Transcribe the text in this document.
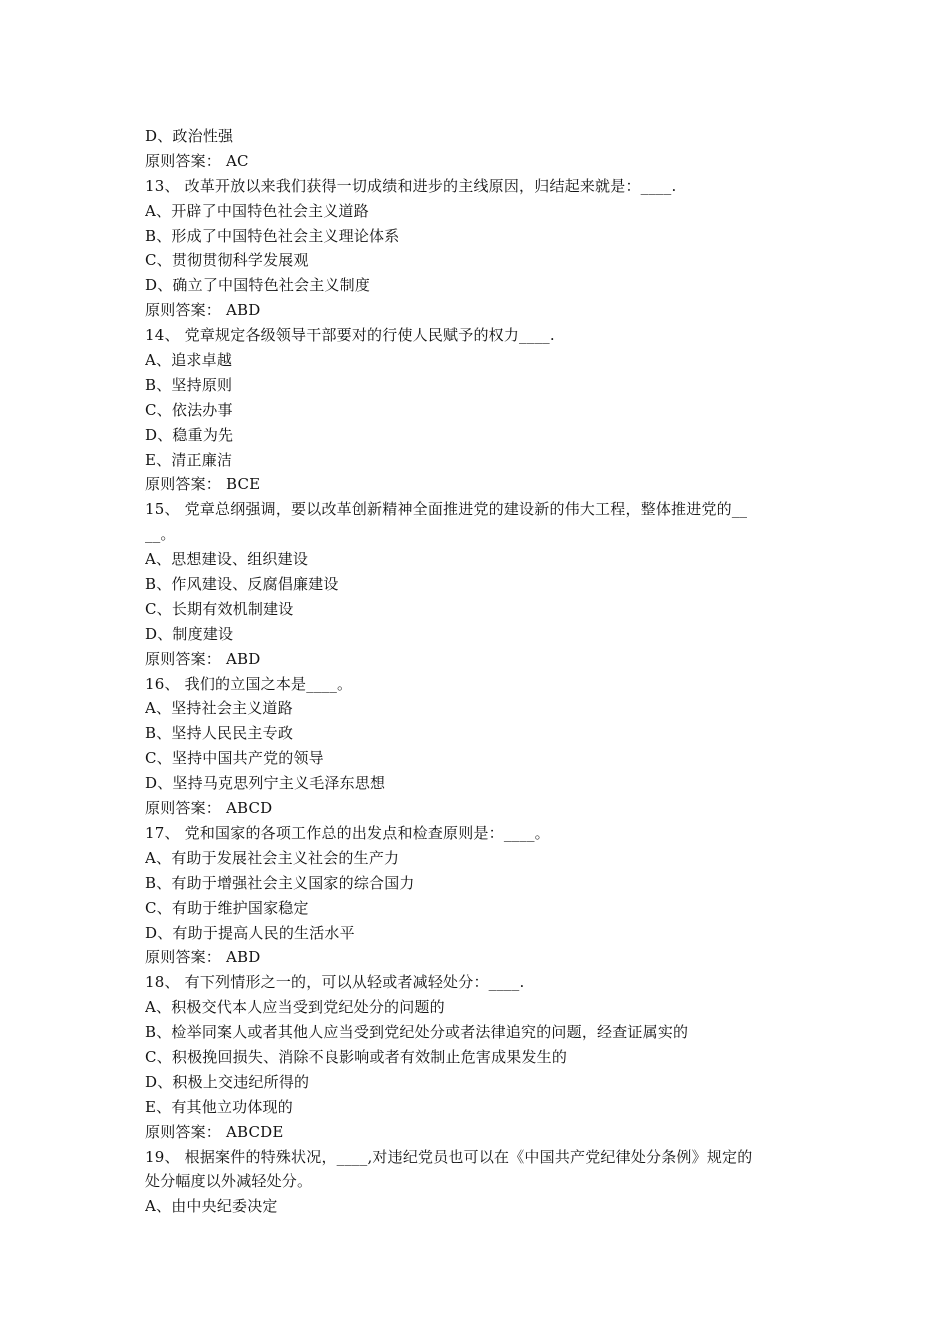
D、政治性强
原则答案： AC
13、 改革开放以来我们获得一切成绩和进步的主线原因，归结起来就是：____.
A、开辟了中国特色社会主义道路
B、形成了中国特色社会主义理论体系
C、贯彻贯彻科学发展观
D、确立了中国特色社会主义制度
原则答案： ABD
14、 党章规定各级领导干部要对的行使人民赋予的权力____.
A、追求卓越
B、坚持原则
C、依法办事
D、稳重为先
E、清正廉洁
原则答案： BCE
15、 党章总纲强调，要以改革创新精神全面推进党的建设新的伟大工程，整体推进党的__
__。
A、思想建设、组织建设
B、作风建设、反腐倡廉建设
C、长期有效机制建设
D、制度建设
原则答案： ABD
16、 我们的立国之本是____。
A、坚持社会主义道路
B、坚持人民民主专政
C、坚持中国共产党的领导
D、坚持马克思列宁主义毛泽东思想
原则答案： ABCD
17、 党和国家的各项工作总的出发点和检查原则是：____。
A、有助于发展社会主义社会的生产力
B、有助于增强社会主义国家的综合国力
C、有助于维护国家稳定
D、有助于提高人民的生活水平
原则答案： ABD
18、 有下列情形之一的，可以从轻或者减轻处分：____.
A、积极交代本人应当受到党纪处分的问题的
B、检举同案人或者其他人应当受到党纪处分或者法律追究的问题，经查证属实的
C、积极挽回损失、消除不良影响或者有效制止危害成果发生的
D、积极上交违纪所得的
E、有其他立功体现的
原则答案： ABCDE
19、 根据案件的特殊状况，____,对违纪党员也可以在《中国共产党纪律处分条例》规定的
处分幅度以外减轻处分。
A、由中央纪委决定
